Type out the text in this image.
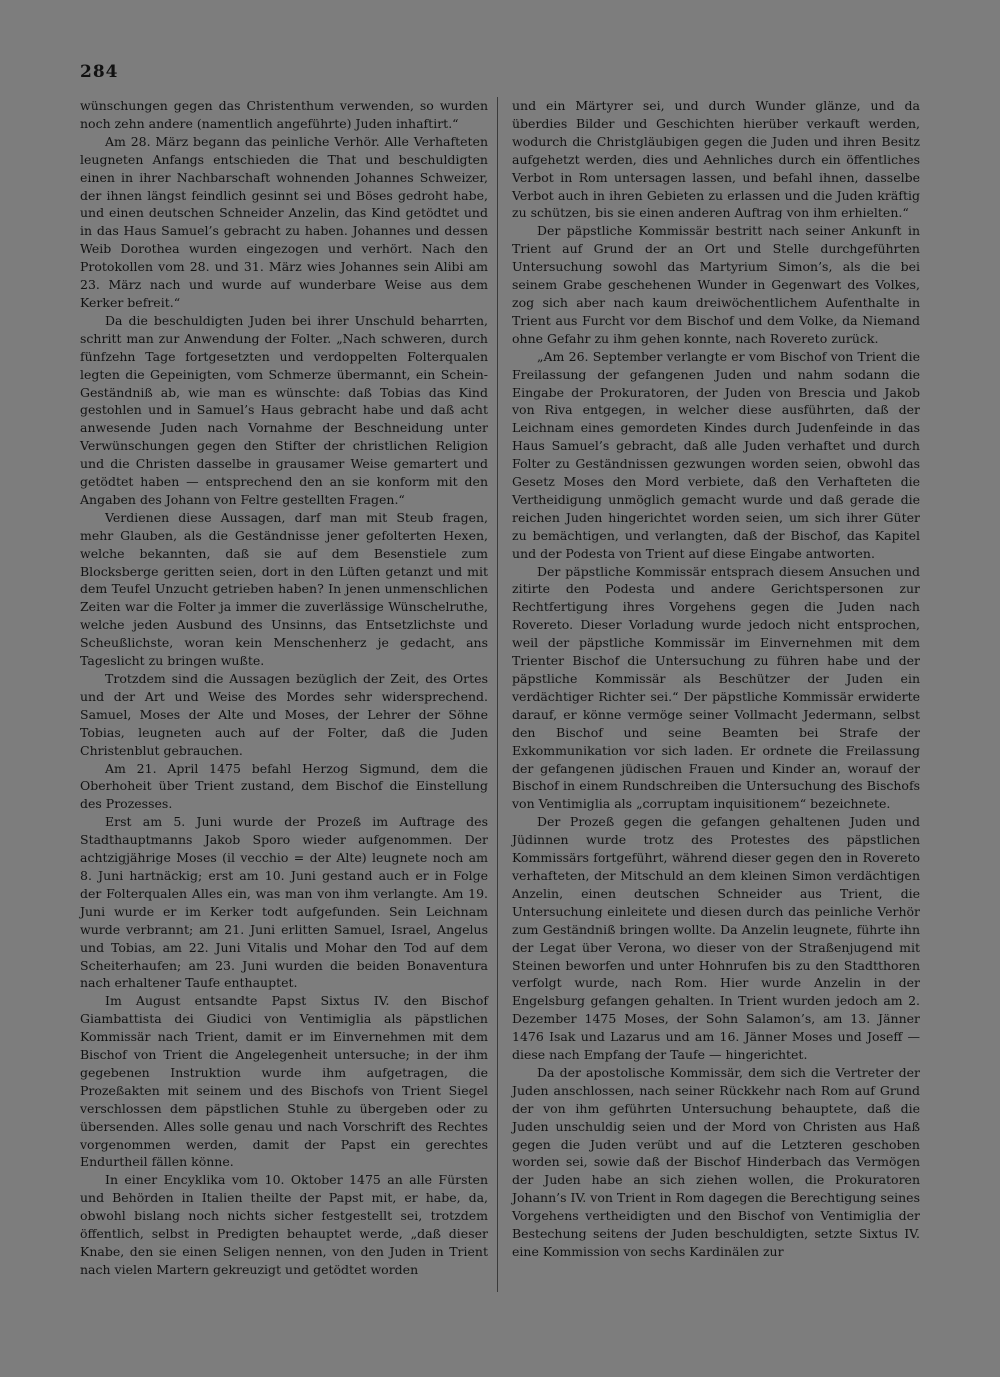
284

wünschungen gegen das Christenthum verwenden, so wurden noch zehn andere (namentlich angeführte) Juden inhaftirt.“

Am 28. März begann das peinliche Verhör. Alle Verhafteten leugneten Anfangs entschieden die That und beschuldigten einen in ihrer Nachbarschaft wohnenden Johannes Schweizer, der ihnen längst feindlich gesinnt sei und Böses gedroht habe, und einen deutschen Schneider Anzelin, das Kind getödtet und in das Haus Samuel’s gebracht zu haben. Johannes und dessen Weib Dorothea wurden eingezogen und verhört. Nach den Protokollen vom 28. und 31. März wies Johannes sein Alibi am 23. März nach und wurde auf wunderbare Weise aus dem Kerker befreit.“

Da die beschuldigten Juden bei ihrer Unschuld beharrten, schritt man zur Anwendung der Folter. „Nach schweren, durch fünfzehn Tage fortgesetzten und verdoppelten Folterqualen legten die Gepeinigten, vom Schmerze übermannt, ein Schein-Geständniß ab, wie man es wünschte: daß Tobias das Kind gestohlen und in Samuel’s Haus gebracht habe und daß acht anwesende Juden nach Vornahme der Beschneidung unter Verwünschungen gegen den Stifter der christlichen Religion und die Christen dasselbe in grausamer Weise gemartert und getödtet haben — entsprechend den an sie konform mit den Angaben des Johann von Feltre gestellten Fragen.“

Verdienen diese Aussagen, darf man mit Steub fragen, mehr Glauben, als die Geständnisse jener gefolterten Hexen, welche bekannten, daß sie auf dem Besenstiele zum Blocksberge geritten seien, dort in den Lüften getanzt und mit dem Teufel Unzucht getrieben haben? In jenen unmenschlichen Zeiten war die Folter ja immer die zuverlässige Wünschelruthe, welche jeden Ausbund des Unsinns, das Entsetzlichste und Scheußlichste, woran kein Menschenherz je gedacht, ans Tageslicht zu bringen wußte.

Trotzdem sind die Aussagen bezüglich der Zeit, des Ortes und der Art und Weise des Mordes sehr widersprechend. Samuel, Moses der Alte und Moses, der Lehrer der Söhne Tobias, leugneten auch auf der Folter, daß die Juden Christenblut gebrauchen.

Am 21. April 1475 befahl Herzog Sigmund, dem die Oberhoheit über Trient zustand, dem Bischof die Einstellung des Prozesses.

Erst am 5. Juni wurde der Prozeß im Auftrage des Stadthauptmanns Jakob Sporo wieder aufgenommen. Der achtzigjährige Moses (il vecchio = der Alte) leugnete noch am 8. Juni hartnäckig; erst am 10. Juni gestand auch er in Folge der Folterqualen Alles ein, was man von ihm verlangte. Am 19. Juni wurde er im Kerker todt aufgefunden. Sein Leichnam wurde verbrannt; am 21. Juni erlitten Samuel, Israel, Angelus und Tobias, am 22. Juni Vitalis und Mohar den Tod auf dem Scheiterhaufen; am 23. Juni wurden die beiden Bonaventura nach erhaltener Taufe enthauptet.

Im August entsandte Papst Sixtus IV. den Bischof Giambattista dei Giudici von Ventimiglia als päpstlichen Kommissär nach Trient, damit er im Einvernehmen mit dem Bischof von Trient die Angelegenheit untersuche; in der ihm gegebenen Instruktion wurde ihm aufgetragen, die Prozeßakten mit seinem und des Bischofs von Trient Siegel verschlossen dem päpstlichen Stuhle zu übergeben oder zu übersenden. Alles solle genau und nach Vorschrift des Rechtes vorgenommen werden, damit der Papst ein gerechtes Endurtheil fällen könne.

In einer Encyklika vom 10. Oktober 1475 an alle Fürsten und Behörden in Italien theilte der Papst mit, er habe, da, obwohl bislang noch nichts sicher festgestellt sei, trotzdem öffentlich, selbst in Predigten behauptet werde, „daß dieser Knabe, den sie einen Seligen nennen, von den Juden in Trient nach vielen Martern gekreuzigt und getödtet worden

und ein Märtyrer sei, und durch Wunder glänze, und da überdies Bilder und Geschichten hierüber verkauft werden, wodurch die Christgläubigen gegen die Juden und ihren Besitz aufgehetzt werden, dies und Aehnliches durch ein öffentliches Verbot in Rom untersagen lassen, und befahl ihnen, dasselbe Verbot auch in ihren Gebieten zu erlassen und die Juden kräftig zu schützen, bis sie einen anderen Auftrag von ihm erhielten.“

Der päpstliche Kommissär bestritt nach seiner Ankunft in Trient auf Grund der an Ort und Stelle durchgeführten Untersuchung sowohl das Martyrium Simon’s, als die bei seinem Grabe geschehenen Wunder in Gegenwart des Volkes, zog sich aber nach kaum dreiwöchentlichem Aufenthalte in Trient aus Furcht vor dem Bischof und dem Volke, da Niemand ohne Gefahr zu ihm gehen konnte, nach Rovereto zurück.

„Am 26. September verlangte er vom Bischof von Trient die Freilassung der gefangenen Juden und nahm sodann die Eingabe der Prokuratoren, der Juden von Brescia und Jakob von Riva entgegen, in welcher diese ausführten, daß der Leichnam eines gemordeten Kindes durch Judenfeinde in das Haus Samuel’s gebracht, daß alle Juden verhaftet und durch Folter zu Geständnissen gezwungen worden seien, obwohl das Gesetz Moses den Mord verbiete, daß den Verhafteten die Vertheidigung unmöglich gemacht wurde und daß gerade die reichen Juden hingerichtet worden seien, um sich ihrer Güter zu bemächtigen, und verlangten, daß der Bischof, das Kapitel und der Podesta von Trient auf diese Eingabe antworten.

Der päpstliche Kommissär entsprach diesem Ansuchen und zitirte den Podesta und andere Gerichtspersonen zur Rechtfertigung ihres Vorgehens gegen die Juden nach Rovereto. Dieser Vorladung wurde jedoch nicht entsprochen, weil der päpstliche Kommissär im Einvernehmen mit dem Trienter Bischof die Untersuchung zu führen habe und der päpstliche Kommissär als Beschützer der Juden ein verdächtiger Richter sei.“ Der päpstliche Kommissär erwiderte darauf, er könne vermöge seiner Vollmacht Jedermann, selbst den Bischof und seine Beamten bei Strafe der Exkommunikation vor sich laden. Er ordnete die Freilassung der gefangenen jüdischen Frauen und Kinder an, worauf der Bischof in einem Rundschreiben die Untersuchung des Bischofs von Ventimiglia als „corruptam inquisitionem“ bezeichnete.

Der Prozeß gegen die gefangen gehaltenen Juden und Jüdinnen wurde trotz des Protestes des päpstlichen Kommissärs fortgeführt, während dieser gegen den in Rovereto verhafteten, der Mitschuld an dem kleinen Simon verdächtigen Anzelin, einen deutschen Schneider aus Trient, die Untersuchung einleitete und diesen durch das peinliche Verhör zum Geständniß bringen wollte. Da Anzelin leugnete, führte ihn der Legat über Verona, wo dieser von der Straßenjugend mit Steinen beworfen und unter Hohnrufen bis zu den Stadtthoren verfolgt wurde, nach Rom. Hier wurde Anzelin in der Engelsburg gefangen gehalten. In Trient wurden jedoch am 2. Dezember 1475 Moses, der Sohn Salamon’s, am 13. Jänner 1476 Isak und Lazarus und am 16. Jänner Moses und Joseff — diese nach Empfang der Taufe — hingerichtet.

Da der apostolische Kommissär, dem sich die Vertreter der Juden anschlossen, nach seiner Rückkehr nach Rom auf Grund der von ihm geführten Untersuchung behauptete, daß die Juden unschuldig seien und der Mord von Christen aus Haß gegen die Juden verübt und auf die Letzteren geschoben worden sei, sowie daß der Bischof Hinderbach das Vermögen der Juden habe an sich ziehen wollen, die Prokuratoren Johann’s IV. von Trient in Rom dagegen die Berechtigung seines Vorgehens vertheidigten und den Bischof von Ventimiglia der Bestechung seitens der Juden beschuldigten, setzte Sixtus IV. eine Kommission von sechs Kardinälen zur
